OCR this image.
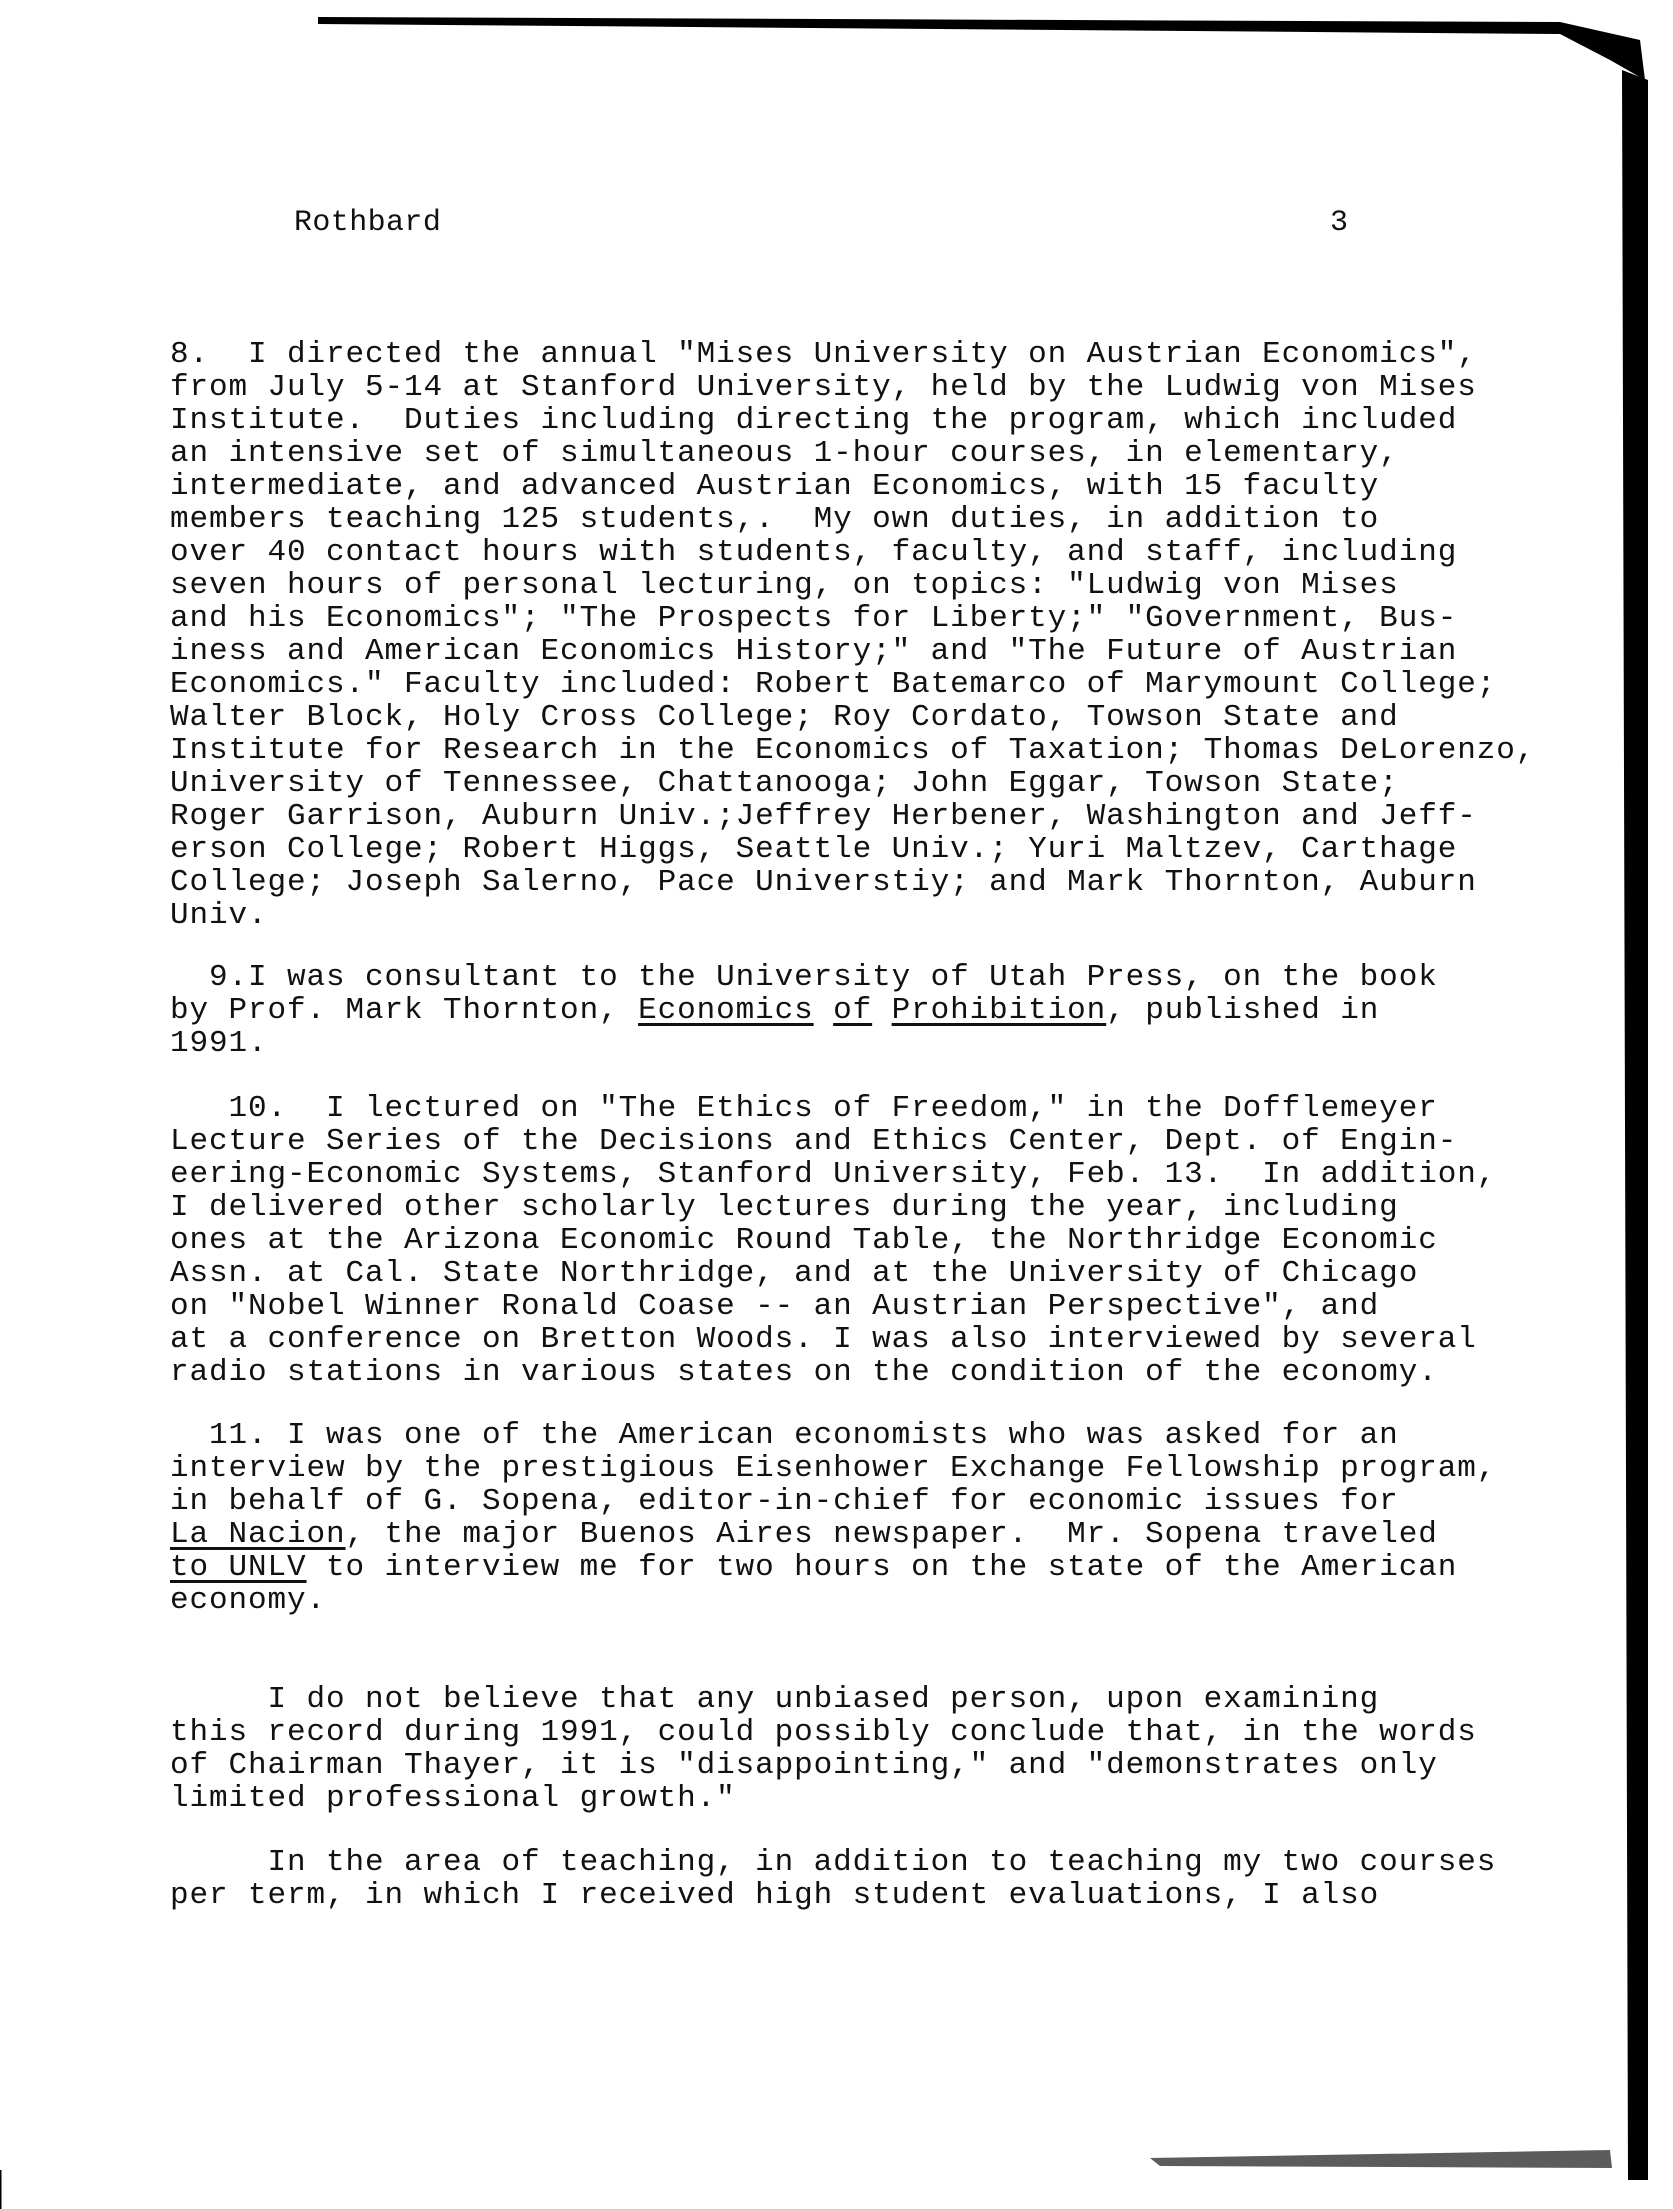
Rothbard	3
8.  I directed the annual "Mises University on Austrian Economics",
from July 5-14 at Stanford University, held by the Ludwig von Mises
Institute.  Duties including directing the program, which included
an intensive set of simultaneous 1-hour courses, in elementary,
intermediate, and advanced Austrian Economics, with 15 faculty
members teaching 125 students,.  My own duties, in addition to
over 40 contact hours with students, faculty, and staff, including
seven hours of personal lecturing, on topics: "Ludwig von Mises
and his Economics"; "The Prospects for Liberty;" "Government, Bus-
iness and American Economics History;" and "The Future of Austrian
Economics." Faculty included: Robert Batemarco of Marymount College;
Walter Block, Holy Cross College; Roy Cordato, Towson State and
Institute for Research in the Economics of Taxation; Thomas DeLorenzo,
University of Tennessee, Chattanooga; John Eggar, Towson State;
Roger Garrison, Auburn Univ.;Jeffrey Herbener, Washington and Jeff-
erson College; Robert Higgs, Seattle Univ.; Yuri Maltzev, Carthage
College; Joseph Salerno, Pace Universtiy; and Mark Thornton, Auburn
Univ.
9.I was consultant to the University of Utah Press, on the book
by Prof. Mark Thornton, Economics of Prohibition, published in
1991.
10.  I lectured on "The Ethics of Freedom," in the Dofflemeyer
Lecture Series of the Decisions and Ethics Center, Dept. of Engin-
eering-Economic Systems, Stanford University, Feb. 13.  In addition,
I delivered other scholarly lectures during the year, including
ones at the Arizona Economic Round Table, the Northridge Economic
Assn. at Cal. State Northridge, and at the University of Chicago
on "Nobel Winner Ronald Coase -- an Austrian Perspective", and
at a conference on Bretton Woods. I was also interviewed by several
radio stations in various states on the condition of the economy.
11. I was one of the American economists who was asked for an
interview by the prestigious Eisenhower Exchange Fellowship program,
in behalf of G. Sopena, editor-in-chief for economic issues for
La Nacion, the major Buenos Aires newspaper.  Mr. Sopena traveled
to UNLV to interview me for two hours on the state of the American
economy.
I do not believe that any unbiased person, upon examining
this record during 1991, could possibly conclude that, in the words
of Chairman Thayer, it is "disappointing," and "demonstrates only
limited professional growth."
In the area of teaching, in addition to teaching my two courses
per term, in which I received high student evaluations, I also
